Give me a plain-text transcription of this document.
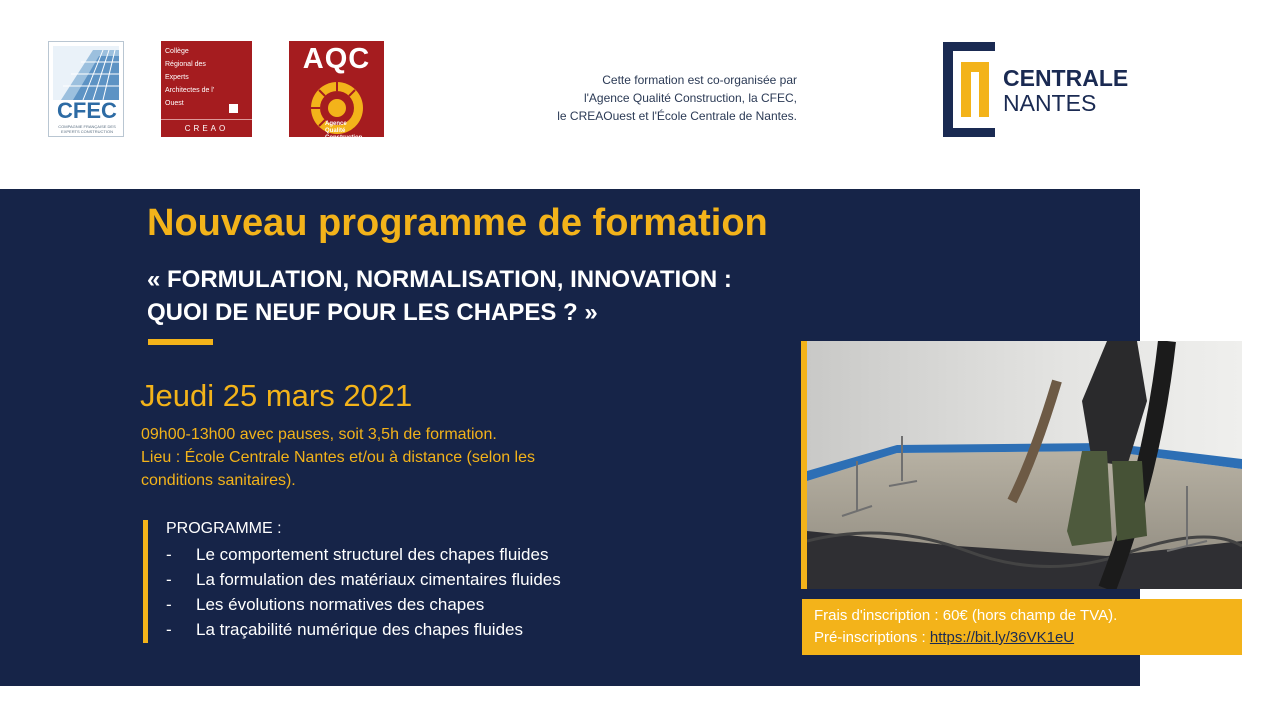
CFEC
COMPAGNIE FRANÇAISE DES EXPERTS CONSTRUCTION
Collège
Régional des
Experts
Architectes de l'
Ouest
CREAO
AQC
Agence
Qualité
Construction
Cette formation est co-organisée par
l'Agence Qualité Construction, la CFEC,
le CREAOuest et l'École Centrale de Nantes.
CENTRALE
NANTES
Nouveau programme de formation
« FORMULATION, NORMALISATION, INNOVATION :
QUOI DE NEUF POUR LES CHAPES ? »
Jeudi 25 mars 2021
09h00-13h00 avec pauses, soit 3,5h de formation.
Lieu : École Centrale Nantes et/ou à distance (selon les
conditions sanitaires).
PROGRAMME :
- Le comportement structurel des chapes fluides
- La formulation des matériaux cimentaires fluides
- Les évolutions normatives des chapes
- La traçabilité numérique des chapes fluides
Frais d'inscription : 60€ (hors champ de TVA).
Pré-inscriptions : https://bit.ly/36VK1eU
